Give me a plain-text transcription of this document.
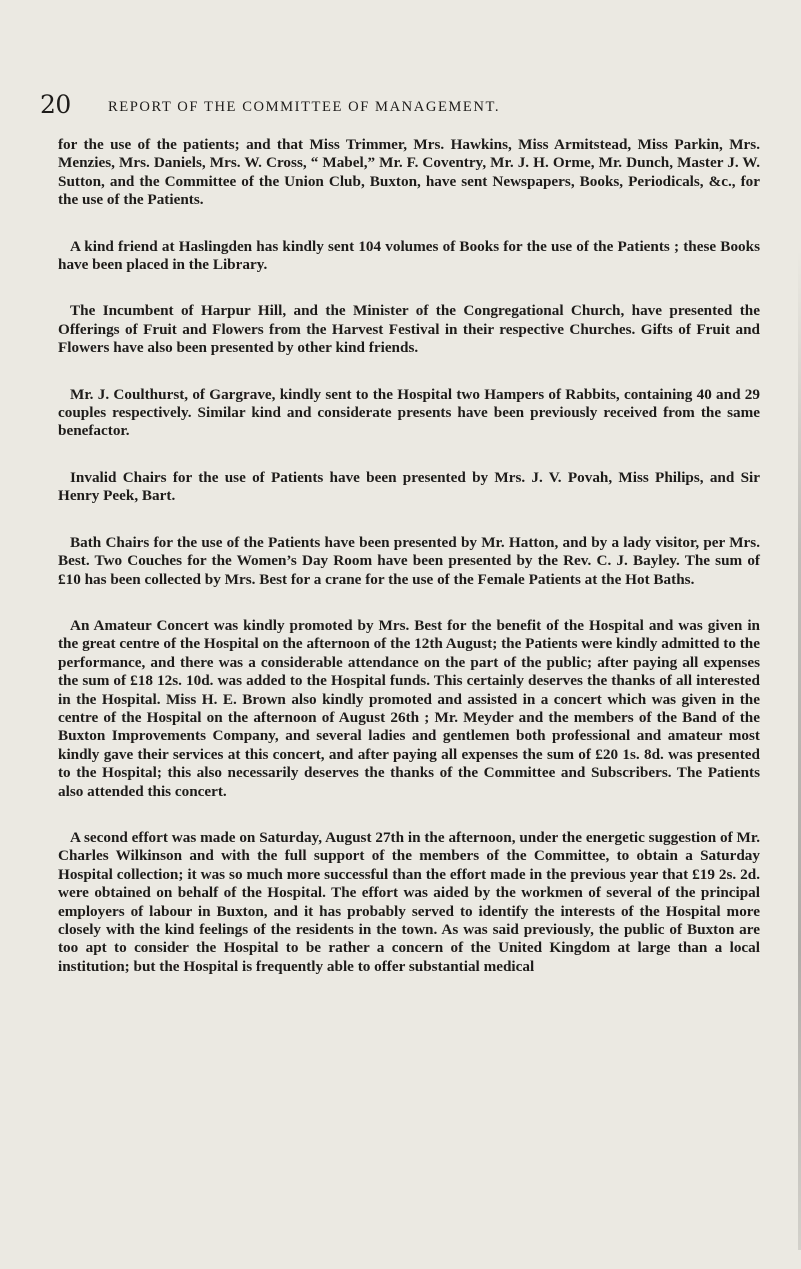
20	REPORT OF THE COMMITTEE OF MANAGEMENT.

for the use of the patients; and that Miss Trimmer, Mrs. Hawkins, Miss Armitstead, Miss Parkin, Mrs. Menzies, Mrs. Daniels, Mrs. W. Cross, “ Mabel,” Mr. F. Coventry, Mr. J. H. Orme, Mr. Dunch, Master J. W. Sutton, and the Committee of the Union Club, Buxton, have sent Newspapers, Books, Periodicals, &c., for the use of the Patients.

A kind friend at Haslingden has kindly sent 104 volumes of Books for the use of the Patients ; these Books have been placed in the Library.

The Incumbent of Harpur Hill, and the Minister of the Congregational Church, have presented the Offerings of Fruit and Flowers from the Harvest Festival in their respective Churches. Gifts of Fruit and Flowers have also been presented by other kind friends.

Mr. J. Coulthurst, of Gargrave, kindly sent to the Hospital two Hampers of Rabbits, containing 40 and 29 couples respectively. Similar kind and considerate presents have been previously received from the same benefactor.

Invalid Chairs for the use of Patients have been presented by Mrs. J. V. Povah, Miss Philips, and Sir Henry Peek, Bart.

Bath Chairs for the use of the Patients have been presented by Mr. Hatton, and by a lady visitor, per Mrs. Best. Two Couches for the Women’s Day Room have been presented by the Rev. C. J. Bayley. The sum of £10 has been collected by Mrs. Best for a crane for the use of the Female Patients at the Hot Baths.

An Amateur Concert was kindly promoted by Mrs. Best for the benefit of the Hospital and was given in the great centre of the Hospital on the afternoon of the 12th August; the Patients were kindly admitted to the performance, and there was a considerable attendance on the part of the public; after paying all expenses the sum of £18 12s. 10d. was added to the Hospital funds. This certainly deserves the thanks of all interested in the Hospital. Miss H. E. Brown also kindly promoted and assisted in a concert which was given in the centre of the Hospital on the afternoon of August 26th ; Mr. Meyder and the members of the Band of the Buxton Improvements Company, and several ladies and gentlemen both professional and amateur most kindly gave their services at this concert, and after paying all expenses the sum of £20 1s. 8d. was presented to the Hospital; this also necessarily deserves the thanks of the Committee and Subscribers. The Patients also attended this concert.

A second effort was made on Saturday, August 27th in the afternoon, under the energetic suggestion of Mr. Charles Wilkinson and with the full support of the members of the Committee, to obtain a Saturday Hospital collection; it was so much more successful than the effort made in the previous year that £19 2s. 2d. were obtained on behalf of the Hospital. The effort was aided by the workmen of several of the principal employers of labour in Buxton, and it has probably served to identify the interests of the Hospital more closely with the kind feelings of the residents in the town. As was said previously, the public of Buxton are too apt to consider the Hospital to be rather a concern of the United Kingdom at large than a local institution; but the Hospital is frequently able to offer substantial medical
